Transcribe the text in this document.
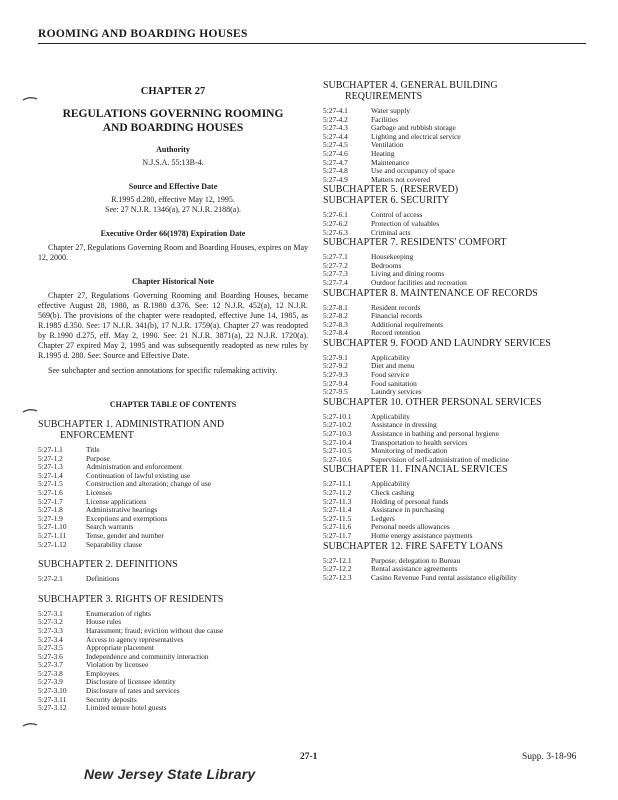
ROOMING AND BOARDING HOUSES
CHAPTER 27
REGULATIONS GOVERNING ROOMING
AND BOARDING HOUSES
Authority
N.J.S.A. 55:13B-4.
Source and Effective Date
R.1995 d.280, effective May 12, 1995.
See: 27 N.J.R. 1346(a), 27 N.J.R. 2188(a).
Executive Order 66(1978) Expiration Date
Chapter 27, Regulations Governing Room and Boarding Houses, expires on May 12, 2000.
Chapter Historical Note
Chapter 27, Regulations Governing Rooming and Boarding Houses, became effective August 28, 1980, as R.1980 d.376. See: 12 N.J.R. 452(a), 12 N.J.R. 569(b). The provisions of the chapter were readopted, effective June 14, 1985, as R.1985 d.350. See: 17 N.J.R. 341(b), 17 N.J.R. 1759(a). Chapter 27 was readopted by R.1990 d.275, eff. May 2, 1990. See: 21 N.J.R. 3871(a), 22 N.J.R. 1720(a). Chapter 27 expired May 2, 1995 and was subsequently readopted as new rules by R.1995 d. 280. See: Source and Effective Date.
See subchapter and section annotations for specific rulemaking activity.
CHAPTER TABLE OF CONTENTS
SUBCHAPTER 1. ADMINISTRATION AND
ENFORCEMENT
5:27-1.1	Title
5:27-1.2	Purpose
5:27-1.3	Administration and enforcement
5:27-1.4	Continuation of lawful existing use
5:27-1.5	Construction and alteration; change of use
5:27-1.6	Licenses
5:27-1.7	License applications
5:27-1.8	Administrative hearings
5:27-1.9	Exceptions and exemptions
5:27-1.10	Search warrants
5:27-1.11	Tense, gender and number
5:27-1.12	Separability clause
SUBCHAPTER 2. DEFINITIONS
5:27-2.1	Definitions
SUBCHAPTER 3. RIGHTS OF RESIDENTS
5:27-3.1	Enumeration of rights
5:27-3.2	House rules
5:27-3.3	Harassment; fraud; eviction without due cause
5:27-3.4	Access to agency representatives
5:27-3.5	Appropriate placement
5:27-3.6	Independence and community interaction
5:27-3.7	Violation by licensee
5:27-3.8	Employees
5:27-3.9	Disclosure of licensee identity
5:27-3.10	Disclosure of rates and services
5:27-3.11	Security deposits
5:27-3.12	Limited tenure hotel guests
SUBCHAPTER 4. GENERAL BUILDING
REQUIREMENTS
5:27-4.1	Water supply
5:27-4.2	Facilities
5:27-4.3	Garbage and rubbish storage
5:27-4.4	Lighting and electrical service
5:27-4.5	Ventilation
5:27-4.6	Heating
5:27-4.7	Maintenance
5:27-4.8	Use and occupancy of space
5:27-4.9	Matters not covered
SUBCHAPTER 5. (RESERVED)
SUBCHAPTER 6. SECURITY
5:27-6.1	Control of access
5:27-6.2	Protection of valuables
5:27-6.3	Criminal acts
SUBCHAPTER 7. RESIDENTS' COMFORT
5:27-7.1	Housekeeping
5:27-7.2	Bedrooms
5:27-7.3	Living and dining rooms
5:27-7.4	Outdoor facilities and recreation
SUBCHAPTER 8. MAINTENANCE OF RECORDS
5:27-8.1	Resident records
5:27-8.2	Financial records
5:27-8.3	Additional requirements
5:27-8.4	Record retention
SUBCHAPTER 9. FOOD AND LAUNDRY SERVICES
5:27-9.1	Applicability
5:27-9.2	Diet and menu
5:27-9.3	Food service
5:27-9.4	Food sanitation
5:27-9.5	Laundry services
SUBCHAPTER 10. OTHER PERSONAL SERVICES
5:27-10.1	Applicability
5:27-10.2	Assistance in dressing
5:27-10.3	Assistance in bathing and personal hygiene
5:27-10.4	Transportation to health services
5:27-10.5	Monitoring of medication
5:27-10.6	Supervision of self-administration of medicine
SUBCHAPTER 11. FINANCIAL SERVICES
5:27-11.1	Applicability
5:27-11.2	Check cashing
5:27-11.3	Holding of personal funds
5:27-11.4	Assistance in purchasing
5:27-11.5	Ledgers
5:27-11.6	Personal needs allowances
5:27-11.7	Home energy assistance payments
SUBCHAPTER 12. FIRE SAFETY LOANS
5:27-12.1	Purpose; delegation to Bureau
5:27-12.2	Rental assistance agreements
5:27-12.3	Casino Revenue Fund rental assistance eligibility
New Jersey State Library
27-1	Supp. 3-18-96
